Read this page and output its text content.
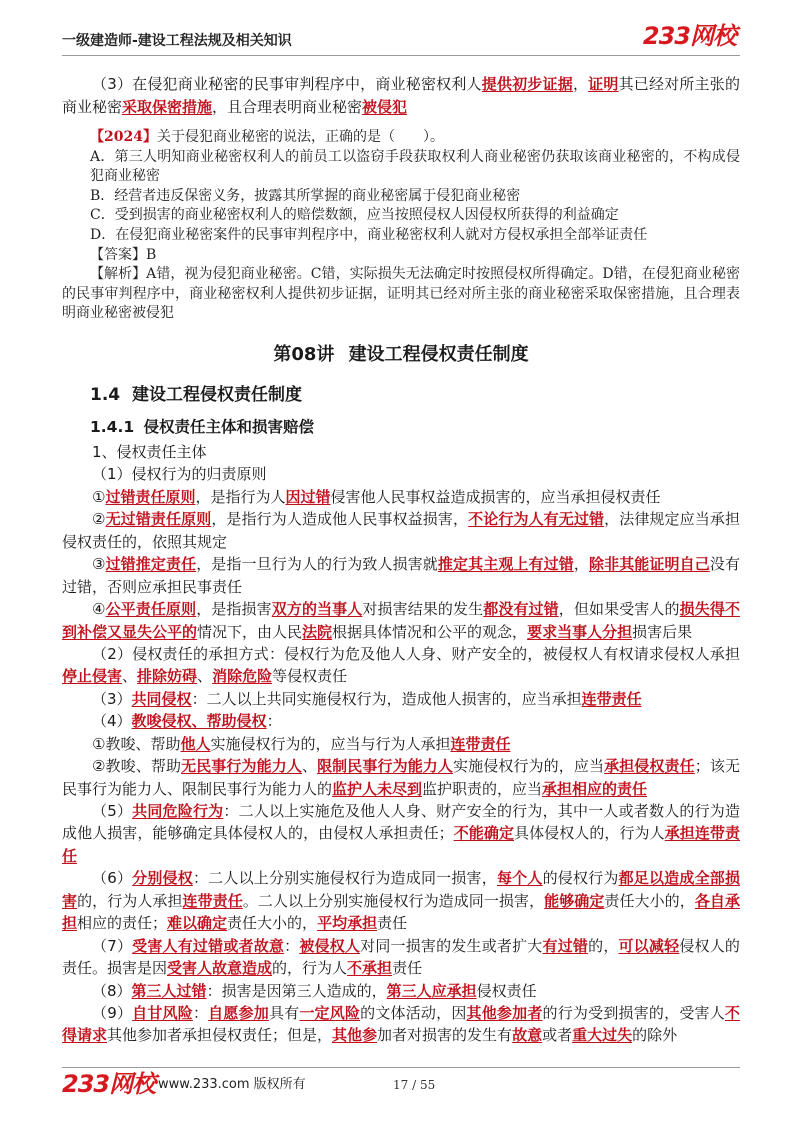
一级建造师-建设工程法规及相关知识	233网校

（3）在侵犯商业秘密的民事审判程序中，商业秘密权利人提供初步证据，证明其已经对所主张的商业秘密采取保密措施，且合理表明商业秘密被侵犯

【2024】关于侵犯商业秘密的说法，正确的是（　　）。

A．第三人明知商业秘密权利人的前员工以盗窃手段获取权利人商业秘密仍获取该商业秘密的，不构成侵犯商业秘密

B．经营者违反保密义务，披露其所掌握的商业秘密属于侵犯商业秘密

C．受到损害的商业秘密权利人的赔偿数额，应当按照侵权人因侵权所获得的利益确定

D．在侵犯商业秘密案件的民事审判程序中，商业秘密权利人就对方侵权承担全部举证责任

【答案】B

【解析】A错，视为侵犯商业秘密。C错，实际损失无法确定时按照侵权所得确定。D错，在侵犯商业秘密的民事审判程序中，商业秘密权利人提供初步证据，证明其已经对所主张的商业秘密采取保密措施，且合理表明商业秘密被侵犯

第08讲 建设工程侵权责任制度
1.4 建设工程侵权责任制度
1.4.1 侵权责任主体和损害赔偿

1、侵权责任主体

（1）侵权行为的归责原则

①过错责任原则，是指行为人因过错侵害他人民事权益造成损害的，应当承担侵权责任

②无过错责任原则，是指行为人造成他人民事权益损害，不论行为人有无过错，法律规定应当承担侵权责任的，依照其规定

③过错推定责任，是指一旦行为人的行为致人损害就推定其主观上有过错，除非其能证明自己没有过错，否则应承担民事责任

④公平责任原则，是指损害双方的当事人对损害结果的发生都没有过错，但如果受害人的损失得不到补偿又显失公平的情况下，由人民法院根据具体情况和公平的观念，要求当事人分担损害后果

（2）侵权责任的承担方式：侵权行为危及他人人身、财产安全的，被侵权人有权请求侵权人承担停止侵害、排除妨碍、消除危险等侵权责任

（3）共同侵权：二人以上共同实施侵权行为，造成他人损害的，应当承担连带责任

（4）教唆侵权、帮助侵权：

①教唆、帮助他人实施侵权行为的，应当与行为人承担连带责任

②教唆、帮助无民事行为能力人、限制民事行为能力人实施侵权行为的，应当承担侵权责任；该无民事行为能力人、限制民事行为能力人的监护人未尽到监护职责的，应当承担相应的责任

（5）共同危险行为：二人以上实施危及他人人身、财产安全的行为，其中一人或者数人的行为造成他人损害，能够确定具体侵权人的，由侵权人承担责任；不能确定具体侵权人的，行为人承担连带责任

（6）分别侵权：二人以上分别实施侵权行为造成同一损害，每个人的侵权行为都足以造成全部损害的，行为人承担连带责任。二人以上分别实施侵权行为造成同一损害，能够确定责任大小的，各自承担相应的责任；难以确定责任大小的，平均承担责任

（7）受害人有过错或者故意：被侵权人对同一损害的发生或者扩大有过错的，可以减轻侵权人的责任。损害是因受害人故意造成的，行为人不承担责任

（8）第三人过错：损害是因第三人造成的，第三人应承担侵权责任

（9）自甘风险：自愿参加具有一定风险的文体活动，因其他参加者的行为受到损害的，受害人不得请求其他参加者承担侵权责任；但是，其他参加者对损害的发生有故意或者重大过失的除外

233网校 www.233.com 版权所有	17 / 55
